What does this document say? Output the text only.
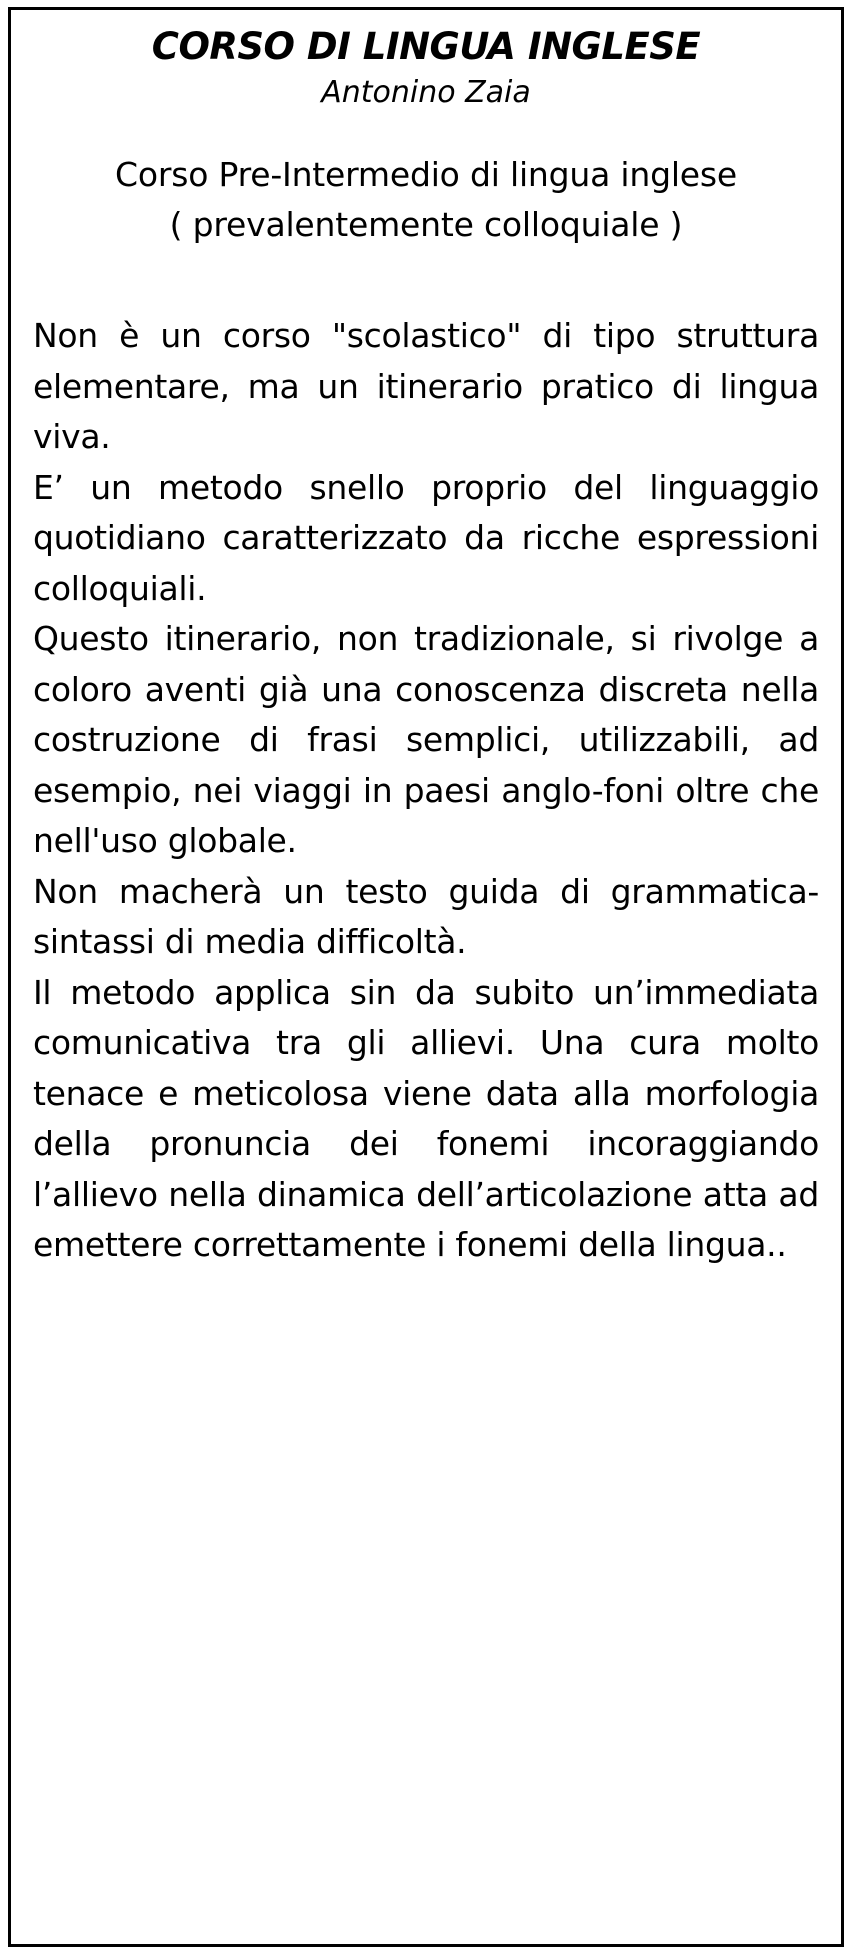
CORSO DI LINGUA INGLESE
Antonino Zaia
Corso Pre-Intermedio di lingua inglese
( prevalentemente colloquiale )

Non è un corso "scolastico" di tipo struttura elementare, ma un itinerario pratico di lingua viva.

E’ un metodo snello proprio del linguaggio quotidiano caratterizzato da ricche espressioni colloquiali.

Questo itinerario, non tradizionale, si rivolge a coloro aventi già una conoscenza discreta nella costruzione di frasi semplici, utilizzabili, ad esempio, nei viaggi in paesi anglo-foni oltre che nell'uso globale.

Non macherà un testo guida di grammatica-sintassi di media difficoltà.

Il metodo applica sin da subito un’immediata comunicativa tra gli allievi. Una cura molto tenace e meticolosa viene data alla morfologia della pronuncia dei fonemi incoraggiando l’allievo nella dinamica dell’articolazione atta ad emettere correttamente i fonemi della lingua..
